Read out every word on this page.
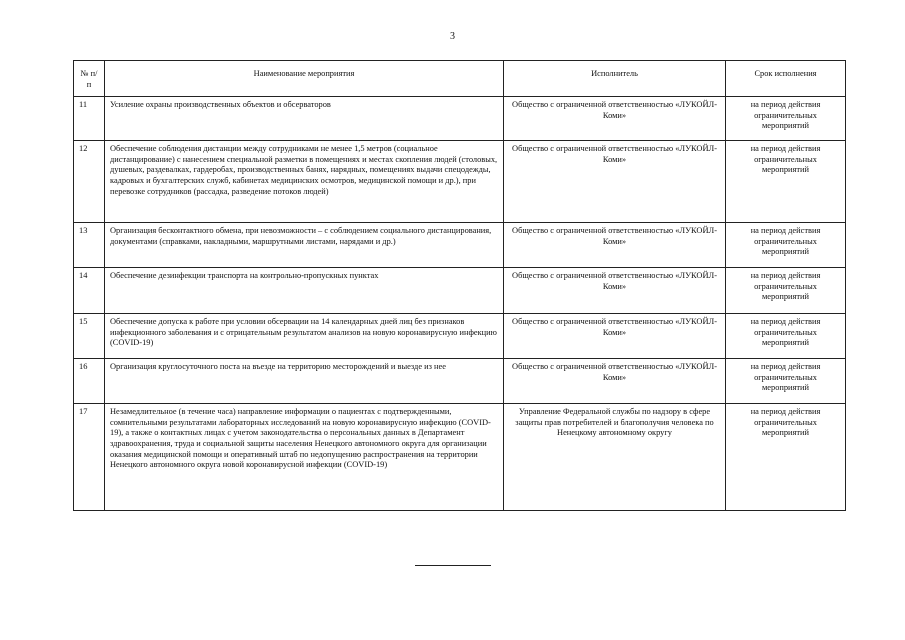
3
№ п/п	Наименование мероприятия	Исполнитель	Срок исполнения
11	Усиление охраны производственных объектов и обсерваторов	Общество с ограниченной ответственностью «ЛУКОЙЛ-Коми»	на период действия ограничительных мероприятий
12	Обеспечение соблюдения дистанции между сотрудниками не менее 1,5 метров (социальное дистанцирование) с нанесением специальной разметки в помещениях и местах скопления людей (столовых, душевых, раздевалках, гардеробах, производственных банях, нарядных, помещениях выдачи спецодежды, кадровых и бухгалтерских служб, кабинетах медицинских осмотров, медицинской помощи и др.), при перевозке сотрудников (рассадка, разведение потоков людей)	Общество с ограниченной ответственностью «ЛУКОЙЛ-Коми»	на период действия ограничительных мероприятий
13	Организация бесконтактного обмена, при невозможности – с соблюдением социального дистанцирования, документами (справками, накладными, маршрутными листами, нарядами и др.)	Общество с ограниченной ответственностью «ЛУКОЙЛ-Коми»	на период действия ограничительных мероприятий
14	Обеспечение дезинфекции транспорта на контрольно-пропускных пунктах	Общество с ограниченной ответственностью «ЛУКОЙЛ-Коми»	на период действия ограничительных мероприятий
15	Обеспечение допуска к работе при условии обсервации на 14 календарных дней лиц без признаков инфекционного заболевания и с отрицательным результатом анализов на новую коронавирусную инфекцию (COVID-19)	Общество с ограниченной ответственностью «ЛУКОЙЛ-Коми»	на период действия ограничительных мероприятий
16	Организация круглосуточного поста на въезде на территорию месторождений и выезде из нее	Общество с ограниченной ответственностью «ЛУКОЙЛ-Коми»	на период действия ограничительных мероприятий
17	Незамедлительное (в течение часа) направление информации о пациентах с подтвержденными, сомнительными результатами лабораторных исследований на новую коронавирусную инфекцию (COVID-19), а также о контактных лицах с учетом законодательства о персональных данных в Департамент здравоохранения, труда и социальной защиты населения Ненецкого автономного округа для организации оказания медицинской помощи и оперативный штаб по недопущению распространения на территории Ненецкого автономного округа новой коронавирусной инфекции (COVID-19)	Управление Федеральной службы по надзору в сфере защиты прав потребителей и благополучия человека по Ненецкому автономному округу	на период действия ограничительных мероприятий
